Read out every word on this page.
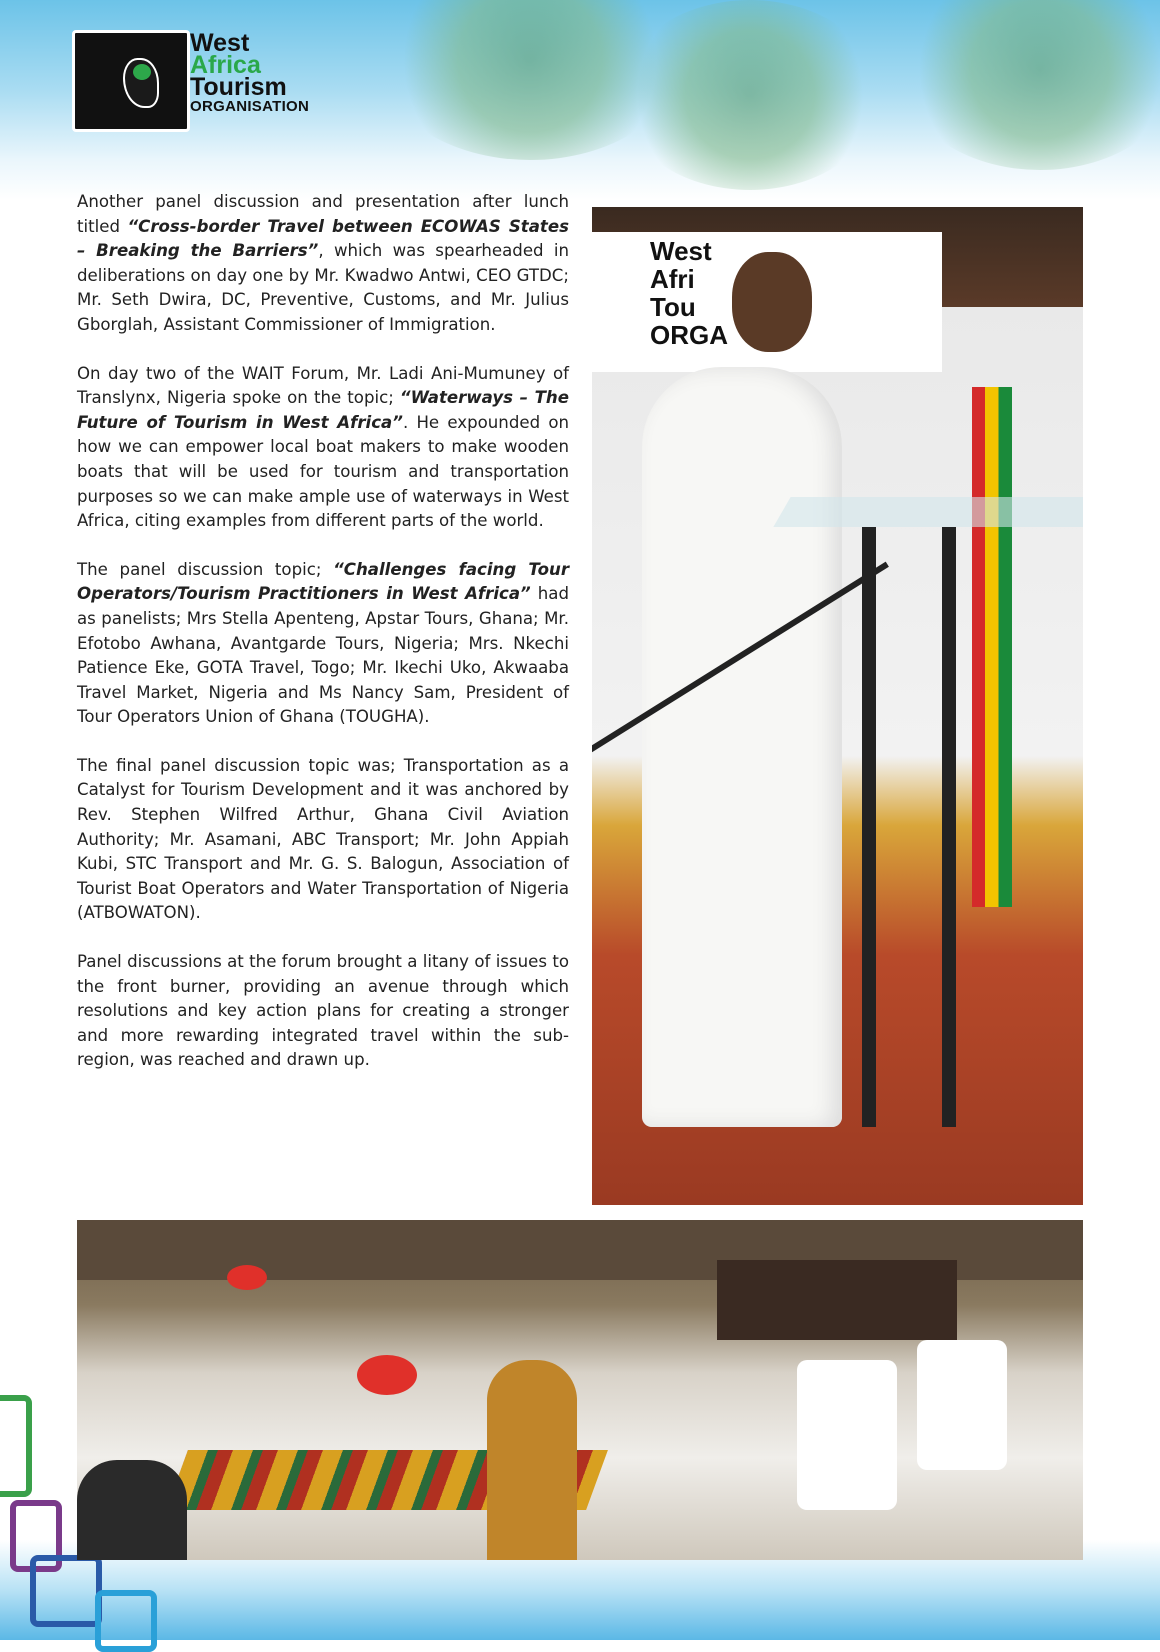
West
Africa
Tourism
ORGANISATION

Another panel discussion and presentation after lunch titled “Cross-border Travel between ECOWAS States – Breaking the Barriers”, which was spearheaded in deliberations on day one by Mr. Kwadwo Antwi, CEO GTDC; Mr. Seth Dwira, DC, Preventive, Customs, and Mr. Julius Gborglah, Assistant Commissioner of Immigration.

On day two of the WAIT Forum, Mr. Ladi Ani-Mumuney of Translynx, Nigeria spoke on the topic; “Waterways – The Future of Tourism in West Africa”. He expounded on how we can empower local boat makers to make wooden boats that will be used for tourism and transportation purposes so we can make ample use of waterways in West Africa, citing examples from different parts of the world.

The panel discussion topic; “Challenges facing Tour Operators/Tourism Practitioners in West Africa” had as panelists; Mrs Stella Apenteng, Apstar Tours, Ghana; Mr. Efotobo Awhana, Avantgarde Tours, Nigeria; Mrs. Nkechi Patience Eke, GOTA Travel, Togo; Mr. Ikechi Uko, Akwaaba Travel Market, Nigeria and Ms Nancy Sam, President of Tour Operators Union of Ghana (TOUGHA).

The final panel discussion topic was; Transportation as a Catalyst for Tourism Development and it was anchored by Rev. Stephen Wilfred Arthur, Ghana Civil Aviation Authority; Mr. Asamani, ABC Transport; Mr. John Appiah Kubi, STC Transport and Mr. G. S. Balogun, Association of Tourist Boat Operators and Water Transportation of Nigeria (ATBOWATON).

Panel discussions at the forum brought a litany of issues to the front burner, providing an avenue through which resolutions and key action plans for creating a stronger and more rewarding integrated travel within the sub-region, was reached and drawn up.

West Afri Tou ORGA
